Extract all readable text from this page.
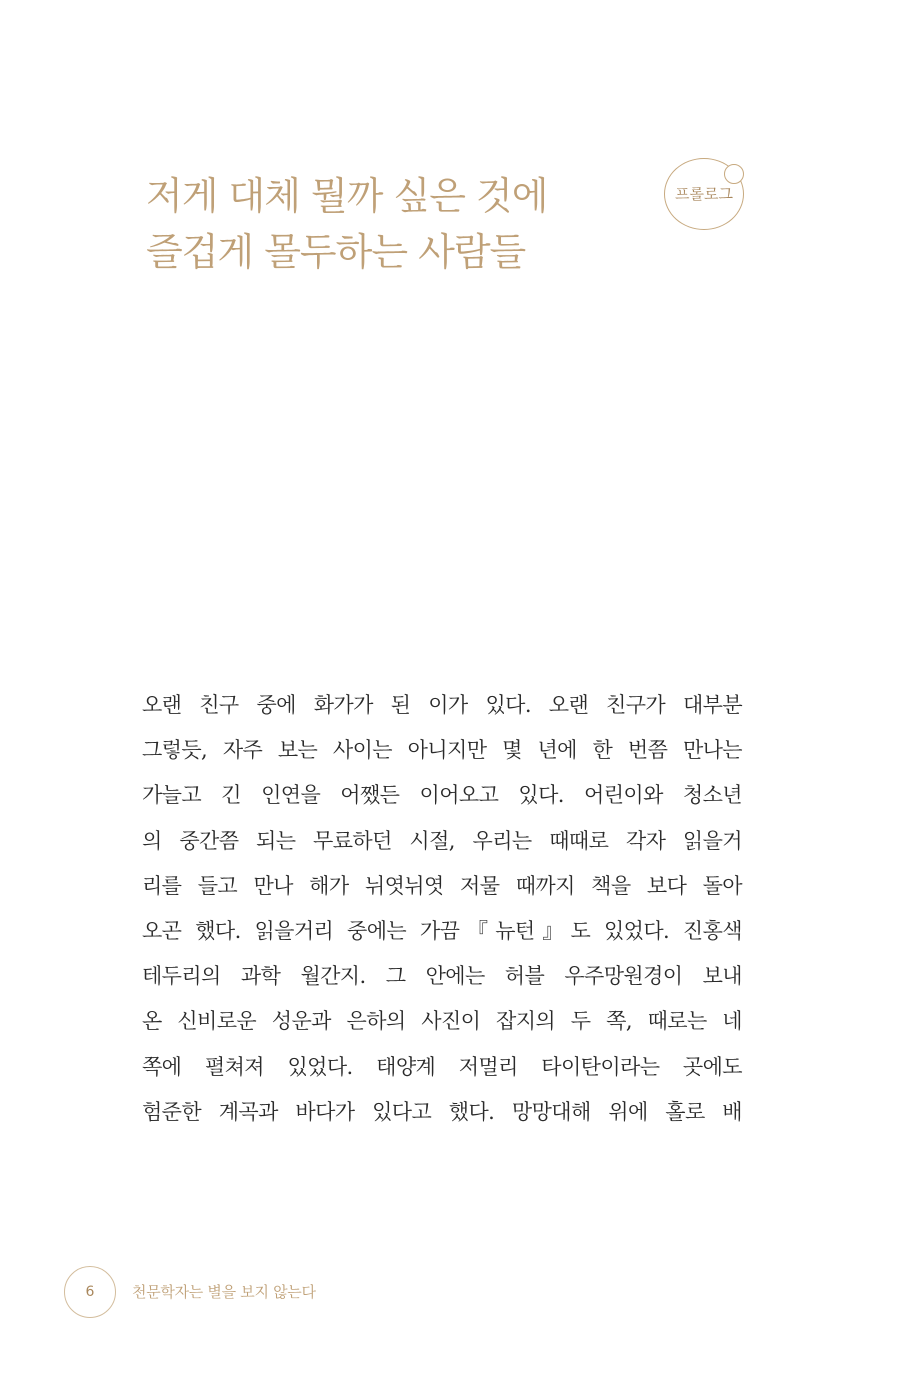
저게 대체 뭘까 싶은 것에
즐겁게 몰두하는 사람들
프롤로그
오랜 친구 중에 화가가 된 이가 있다. 오랜 친구가 대부분
그렇듯, 자주 보는 사이는 아니지만 몇 년에 한 번쯤 만나는
가늘고 긴 인연을 어쨌든 이어오고 있다. 어린이와 청소년
의 중간쯤 되는 무료하던 시절, 우리는 때때로 각자 읽을거
리를 들고 만나 해가 뉘엿뉘엿 저물 때까지 책을 보다 돌아
오곤 했다. 읽을거리 중에는 가끔『뉴턴』도 있었다. 진홍색
테두리의 과학 월간지. 그 안에는 허블 우주망원경이 보내
온 신비로운 성운과 은하의 사진이 잡지의 두 쪽, 때로는 네
쪽에 펼쳐져 있었다. 태양계 저멀리 타이탄이라는 곳에도
험준한 계곡과 바다가 있다고 했다. 망망대해 위에 홀로 배
6	천문학자는 별을 보지 않는다
